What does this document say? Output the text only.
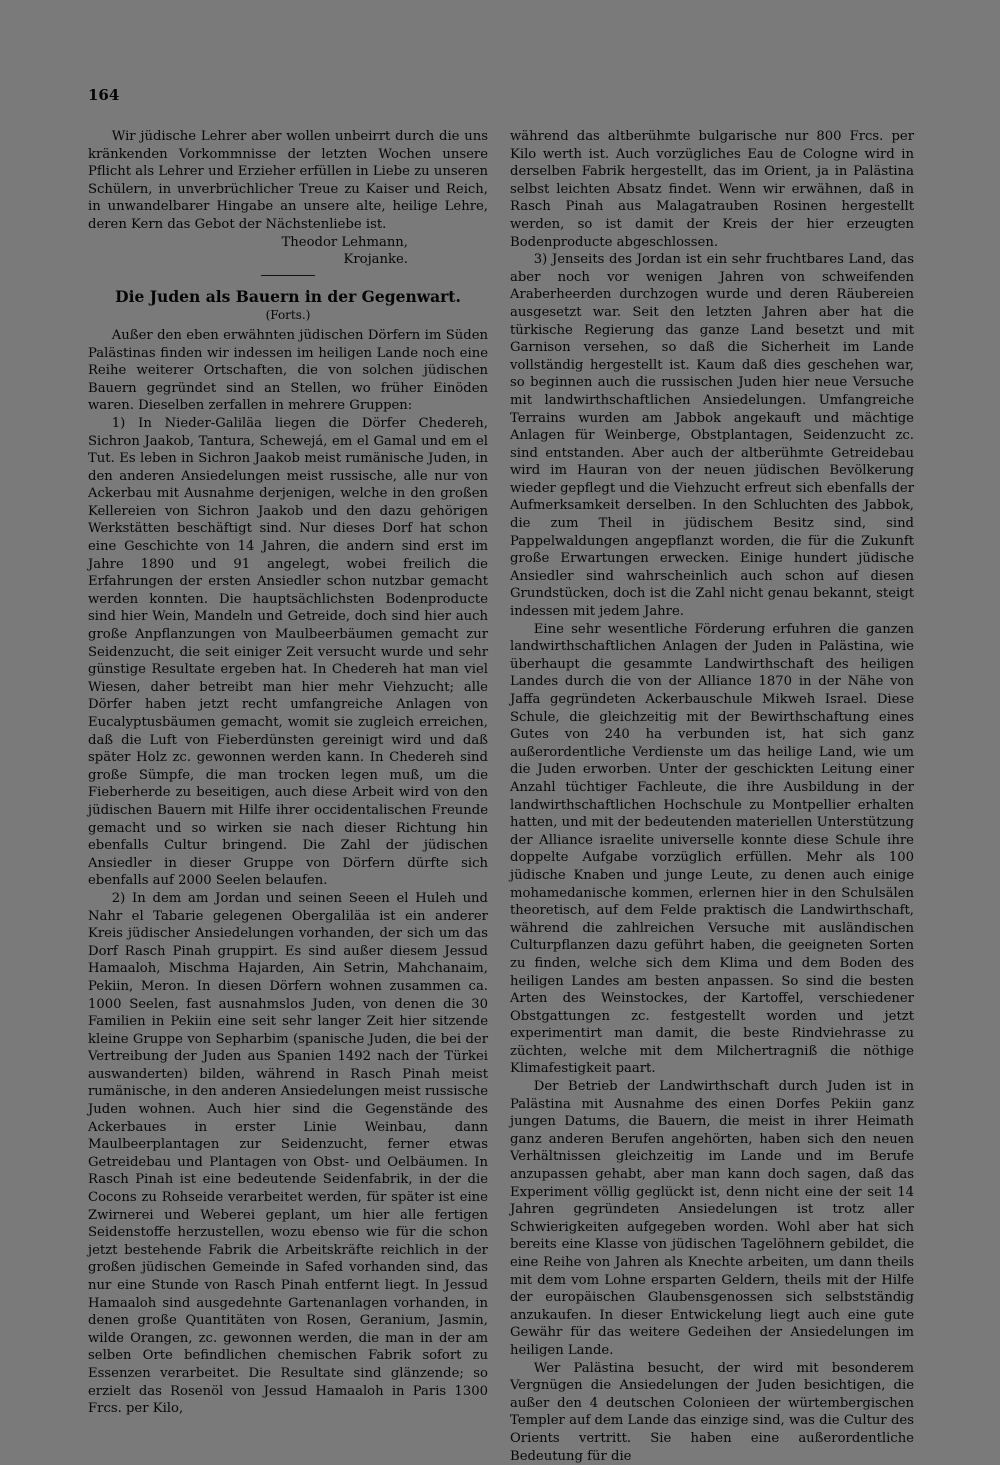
164

Wir jüdische Lehrer aber wollen unbeirrt durch die uns kränkenden Vorkommnisse der letzten Wochen unsere Pflicht als Lehrer und Erzieher erfüllen in Liebe zu unseren Schülern, in unverbrüchlicher Treue zu Kaiser und Reich, in unwandelbarer Hingabe an unsere alte, heilige Lehre, deren Kern das Gebot der Nächstenliebe ist.

Theodor Lehmann,

Krojanke.

Die Juden als Bauern in der Gegenwart.
(Forts.)

Außer den eben erwähnten jüdischen Dörfern im Süden Palästinas finden wir indessen im heiligen Lande noch eine Reihe weiterer Ortschaften, die von solchen jüdischen Bauern gegründet sind an Stellen, wo früher Einöden waren. Dieselben zerfallen in mehrere Gruppen:

1) In Nieder-Galiläa liegen die Dörfer Chedereh, Sichron Jaakob, Tantura, Schewejá, em el Gamal und em el Tut. Es leben in Sichron Jaakob meist rumänische Juden, in den anderen Ansiedelungen meist russische, alle nur von Ackerbau mit Ausnahme derjenigen, welche in den großen Kellereien von Sichron Jaakob und den dazu gehörigen Werkstätten beschäftigt sind. Nur dieses Dorf hat schon eine Geschichte von 14 Jahren, die andern sind erst im Jahre 1890 und 91 angelegt, wobei freilich die Erfahrungen der ersten Ansiedler schon nutzbar gemacht werden konnten. Die hauptsächlichsten Bodenproducte sind hier Wein, Mandeln und Getreide, doch sind hier auch große Anpflanzungen von Maulbeerbäumen gemacht zur Seidenzucht, die seit einiger Zeit versucht wurde und sehr günstige Resultate ergeben hat. In Chedereh hat man viel Wiesen, daher betreibt man hier mehr Viehzucht; alle Dörfer haben jetzt recht umfangreiche Anlagen von Eucalyptusbäumen gemacht, womit sie zugleich erreichen, daß die Luft von Fieberdünsten gereinigt wird und daß später Holz zc. gewonnen werden kann. In Chedereh sind große Sümpfe, die man trocken legen muß, um die Fieberherde zu beseitigen, auch diese Arbeit wird von den jüdischen Bauern mit Hilfe ihrer occidentalischen Freunde gemacht und so wirken sie nach dieser Richtung hin ebenfalls Cultur bringend. Die Zahl der jüdischen Ansiedler in dieser Gruppe von Dörfern dürfte sich ebenfalls auf 2000 Seelen belaufen.

2) In dem am Jordan und seinen Seeen el Huleh und Nahr el Tabarie gelegenen Obergaliläa ist ein anderer Kreis jüdischer Ansiedelungen vorhanden, der sich um das Dorf Rasch Pinah gruppirt. Es sind außer diesem Jessud Hamaaloh, Mischma Hajarden, Ain Setrin, Mahchanaim, Pekiin, Meron. In diesen Dörfern wohnen zusammen ca. 1000 Seelen, fast ausnahmslos Juden, von denen die 30 Familien in Pekiin eine seit sehr langer Zeit hier sitzende kleine Gruppe von Sepharbim (spanische Juden, die bei der Vertreibung der Juden aus Spanien 1492 nach der Türkei auswanderten) bilden, während in Rasch Pinah meist rumänische, in den anderen Ansiedelungen meist russische Juden wohnen. Auch hier sind die Gegenstände des Ackerbaues in erster Linie Weinbau, dann Maulbeerplantagen zur Seidenzucht, ferner etwas Getreidebau und Plantagen von Obst- und Oelbäumen. In Rasch Pinah ist eine bedeutende Seidenfabrik, in der die Cocons zu Rohseide verarbeitet werden, für später ist eine Zwirnerei und Weberei geplant, um hier alle fertigen Seidenstoffe herzustellen, wozu ebenso wie für die schon jetzt bestehende Fabrik die Arbeitskräfte reichlich in der großen jüdischen Gemeinde in Safed vorhanden sind, das nur eine Stunde von Rasch Pinah entfernt liegt. In Jessud Hamaaloh sind ausgedehnte Gartenanlagen vorhanden, in denen große Quantitäten von Rosen, Geranium, Jasmin, wilde Orangen, zc. gewonnen werden, die man in der am selben Orte befindlichen chemischen Fabrik sofort zu Essenzen verarbeitet. Die Resultate sind glänzende; so erzielt das Rosenöl von Jessud Hamaaloh in Paris 1300 Frcs. per Kilo,

während das altberühmte bulgarische nur 800 Frcs. per Kilo werth ist. Auch vorzügliches Eau de Cologne wird in derselben Fabrik hergestellt, das im Orient, ja in Palästina selbst leichten Absatz findet. Wenn wir erwähnen, daß in Rasch Pinah aus Malagatrauben Rosinen hergestellt werden, so ist damit der Kreis der hier erzeugten Bodenproducte abgeschlossen.

3) Jenseits des Jordan ist ein sehr fruchtbares Land, das aber noch vor wenigen Jahren von schweifenden Araberheerden durchzogen wurde und deren Räubereien ausgesetzt war. Seit den letzten Jahren aber hat die türkische Regierung das ganze Land besetzt und mit Garnison versehen, so daß die Sicherheit im Lande vollständig hergestellt ist. Kaum daß dies geschehen war, so beginnen auch die russischen Juden hier neue Versuche mit landwirthschaftlichen Ansiedelungen. Umfangreiche Terrains wurden am Jabbok angekauft und mächtige Anlagen für Weinberge, Obstplantagen, Seidenzucht zc. sind entstanden. Aber auch der altberühmte Getreidebau wird im Hauran von der neuen jüdischen Bevölkerung wieder gepflegt und die Viehzucht erfreut sich ebenfalls der Aufmerksamkeit derselben. In den Schluchten des Jabbok, die zum Theil in jüdischem Besitz sind, sind Pappelwaldungen angepflanzt worden, die für die Zukunft große Erwartungen erwecken. Einige hundert jüdische Ansiedler sind wahrscheinlich auch schon auf diesen Grundstücken, doch ist die Zahl nicht genau bekannt, steigt indessen mit jedem Jahre.

Eine sehr wesentliche Förderung erfuhren die ganzen landwirthschaftlichen Anlagen der Juden in Palästina, wie überhaupt die gesammte Landwirthschaft des heiligen Landes durch die von der Alliance 1870 in der Nähe von Jaffa gegründeten Ackerbauschule Mikweh Israel. Diese Schule, die gleichzeitig mit der Bewirthschaftung eines Gutes von 240 ha verbunden ist, hat sich ganz außerordentliche Verdienste um das heilige Land, wie um die Juden erworben. Unter der geschickten Leitung einer Anzahl tüchtiger Fachleute, die ihre Ausbildung in der landwirthschaftlichen Hochschule zu Montpellier erhalten hatten, und mit der bedeutenden materiellen Unterstützung der Alliance israelite universelle konnte diese Schule ihre doppelte Aufgabe vorzüglich erfüllen. Mehr als 100 jüdische Knaben und junge Leute, zu denen auch einige mohamedanische kommen, erlernen hier in den Schulsälen theoretisch, auf dem Felde praktisch die Landwirthschaft, während die zahlreichen Versuche mit ausländischen Culturpflanzen dazu geführt haben, die geeigneten Sorten zu finden, welche sich dem Klima und dem Boden des heiligen Landes am besten anpassen. So sind die besten Arten des Weinstockes, der Kartoffel, verschiedener Obstgattungen zc. festgestellt worden und jetzt experimentirt man damit, die beste Rindviehrasse zu züchten, welche mit dem Milchertragniß die nöthige Klimafestigkeit paart.

Der Betrieb der Landwirthschaft durch Juden ist in Palästina mit Ausnahme des einen Dorfes Pekiin ganz jungen Datums, die Bauern, die meist in ihrer Heimath ganz anderen Berufen angehörten, haben sich den neuen Verhältnissen gleichzeitig im Lande und im Berufe anzupassen gehabt, aber man kann doch sagen, daß das Experiment völlig geglückt ist, denn nicht eine der seit 14 Jahren gegründeten Ansiedelungen ist trotz aller Schwierigkeiten aufgegeben worden. Wohl aber hat sich bereits eine Klasse von jüdischen Tagelöhnern gebildet, die eine Reihe von Jahren als Knechte arbeiten, um dann theils mit dem vom Lohne ersparten Geldern, theils mit der Hilfe der europäischen Glaubensgenossen sich selbstständig anzukaufen. In dieser Entwickelung liegt auch eine gute Gewähr für das weitere Gedeihen der Ansiedelungen im heiligen Lande.

Wer Palästina besucht, der wird mit besonderem Vergnügen die Ansiedelungen der Juden besichtigen, die außer den 4 deutschen Colonieen der würtembergischen Templer auf dem Lande das einzige sind, was die Cultur des Orients vertritt. Sie haben eine außerordentliche Bedeutung für die
